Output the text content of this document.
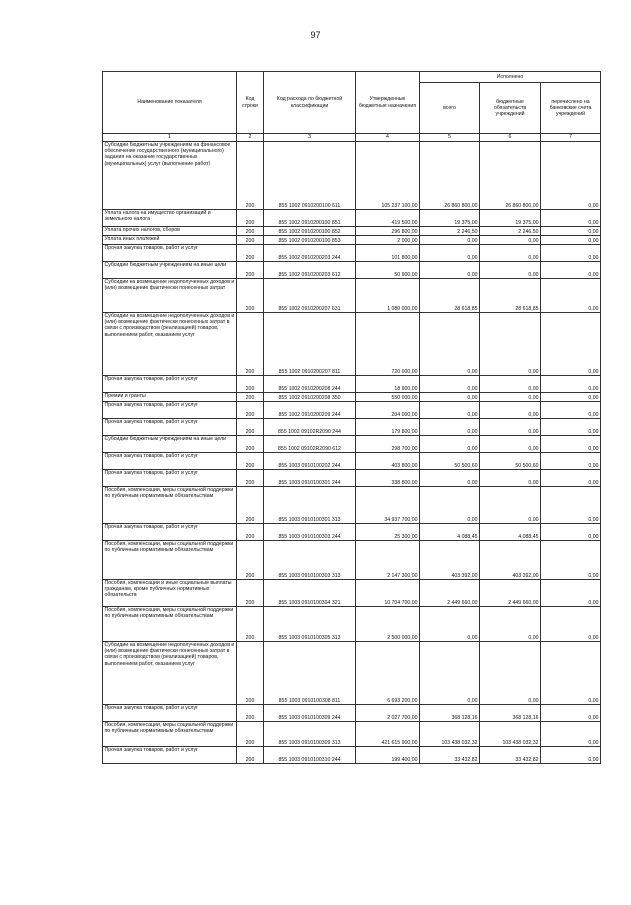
97
Наименование показателя	Код строки	Код расхода по бюджетной классификации	Утвержденные бюджетные назначения	Исполнено		
				всего	бюджетные обязательств учреждений	перечислено на банковские счета учреждений
1	2	3	4	5	6	7
Субсидии бюджетным учреждениям на финансовое обеспечение государственного (муниципального) задания на оказание государственных (муниципальных) услуг (выполнение работ)	200	855 1002 0910200100 611	105 237 100,00	26 860 800,00	26 860 800,00	0,00
Уплата налога на имущество организаций и земельного налога	200	855 1002 0910200100 851	419 500,00	19 375,00	19 375,00	0,00
Уплата прочих налогов, сборов	200	855 1002 0910200100 852	296 800,00	2 246,50	2 246,50	0,00
Уплата иных платежей	200	855 1002 0910200100 853	2 000,00	0,00	0,00	0,00
Прочая закупка товаров, работ и услуг	200	855 1002 0910200203 244	101 800,00	0,00	0,00	0,00
Субсидии бюджетным учреждениям на иные цели	200	855 1002 0910200203 612	50 900,00	0,00	0,00	0,00
Субсидии на возмещение недополученных доходов и (или) возмещение фактически понесенных затрат	200	855 1002 0910200207 631	1 080 000,00	28 618,85	28 618,85	0,00
Субсидии на возмещение недополученных доходов и (или) возмещение фактически понесенных затрат в связи с производством (реализацией) товаров, выполнением работ, оказанием услуг	200	855 1002 0910200207 811	720 000,00	0,00	0,00	0,00
Прочая закупка товаров, работ и услуг	200	855 1002 0910200208 244	18 900,00	0,00	0,00	0,00
Премии и гранты	200	855 1002 0910200208 350	550 000,00	0,00	0,00	0,00
Прочая закупка товаров, работ и услуг	200	855 1002 0910200209 244	204 000,00	0,00	0,00	0,00
Прочая закупка товаров, работ и услуг	200	855 1002 09102R2090 244	179 800,00	0,00	0,00	0,00
Субсидии бюджетным учреждениям на иные цели	200	855 1002 09102R2090 612	298 700,00	0,00	0,00	0,00
Прочая закупка товаров, работ и услуг	200	855 1003 0910100202 244	403 800,00	50 500,60	50 500,60	0,00
Прочая закупка товаров, работ и услуг	200	855 1003 0910100301 244	338 800,00	0,00	0,00	0,00
Пособия, компенсации, меры социальной поддержки по публичным нормативным обязательствам	200	855 1003 0910100301 313	34 937 700,00	0,00	0,00	0,00
Прочая закупка товаров, работ и услуг	200	855 1003 0910100303 244	25 300,00	4 088,45	4 088,45	0,00
Пособия, компенсации, меры социальной поддержки по публичным нормативным обязательствам	200	855 1003 0910100303 313	2 147 300,00	403 392,00	403 392,00	0,00
Пособия, компенсации и иные социальные выплаты гражданам, кроме публичных нормативных обязательств	200	855 1003 0910100304 321	10 704 700,00	2 449 660,00	2 449 660,00	0,00
Пособия, компенсации, меры социальной поддержки по публичным нормативным обязательствам	200	855 1003 0910100305 313	2 500 000,00	0,00	0,00	0,00
Субсидии на возмещение недополученных доходов и (или) возмещение фактически понесенных затрат в связи с производством (реализацией) товаров, выполнением работ, оказанием услуг	200	855 1003 0910100308 811	6 693 200,00	0,00	0,00	0,00
Прочая закупка товаров, работ и услуг	200	855 1003 0910100309 244	2 027 700,00	368 128,16	368 128,16	0,00
Пособия, компенсации, меры социальной поддержки по публичным нормативным обязательствам	200	855 1003 0910100309 313	421 615 900,00	103 438 032,32	103 438 032,32	0,00
Прочая закупка товаров, работ и услуг	200	855 1003 0910100310 244	199 400,00	33 432,82	33 432,82	0,00
